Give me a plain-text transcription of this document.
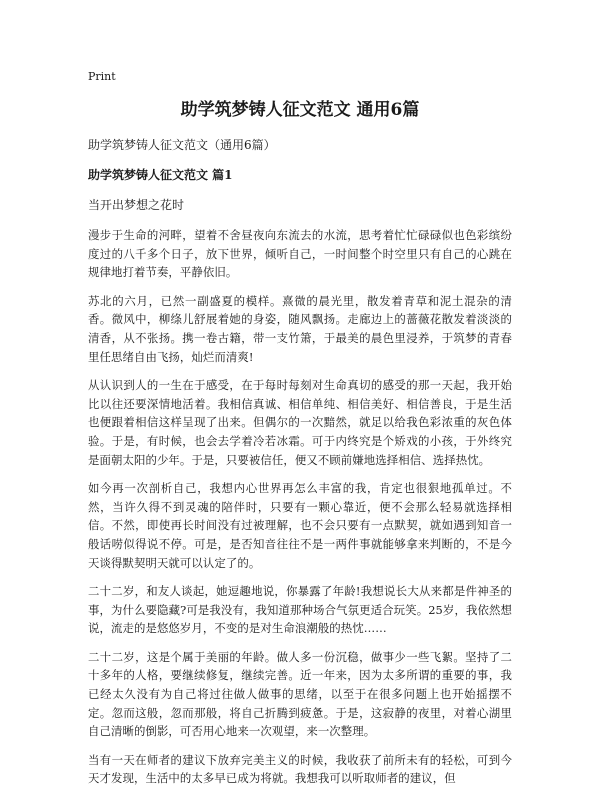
Print
助学筑梦铸人征文范文 通用6篇
助学筑梦铸人征文范文（通用6篇）
助学筑梦铸人征文范文 篇1
当开出梦想之花时

漫步于生命的河畔，望着不舍昼夜向东流去的水流，思考着忙忙碌碌似也色彩缤纷度过的八千多个日子，放下世界，倾听自己，一时间整个时空里只有自己的心跳在规律地打着节奏，平静依旧。

苏北的六月，已然一副盛夏的模样。熹微的晨光里，散发着青草和泥土混杂的清香。微风中，柳绦儿舒展着她的身姿，随风飘扬。走廊边上的蔷薇花散发着淡淡的清香，从不张扬。携一卷古籍，带一支竹箫，于最美的晨色里浸养，于筑梦的青春里任思绪自由飞扬，灿烂而清爽!

从认识到人的一生在于感受，在于每时每刻对生命真切的感受的那一天起，我开始比以往还要深情地活着。我相信真诚、相信单纯、相信美好、相信善良，于是生活也便跟着相信这样呈现了出来。但偶尔的一次黯然，就足以给我色彩浓重的灰色体验。于是，有时候，也会去学着冷若冰霜。可于内终究是个矫戏的小孩，于外终究是面朝太阳的少年。于是，只要被信任，便又不顾前嫌地选择相信、选择热忱。

如今再一次剖析自己，我想内心世界再怎么丰富的我，肯定也很狠地孤单过。不然，当许久得不到灵魂的陪伴时，只要有一颗心靠近，便不会那么轻易就选择相信。不然，即使再长时间没有过被理解，也不会只要有一点默契，就如遇到知音一般话唠似得说不停。可是，是否知音往往不是一两件事就能够拿来判断的，不是今天谈得默契明天就可以认定了的。

二十二岁，和友人谈起，她逗趣地说，你暴露了年龄!我想说长大从来都是件神圣的事，为什么要隐藏?可是我没有，我知道那种场合气氛更适合玩笑。25岁，我依然想说，流走的是悠悠岁月，不变的是对生命浪潮般的热忱……

二十二岁，这是个属于美丽的年龄。做人多一份沉稳，做事少一些飞絮。坚持了二十多年的人格，要继续修复，继续完善。近一年来，因为太多所谓的重要的事，我已经太久没有为自己将过往做人做事的思绪，以至于在很多问题上也开始摇摆不定。忽而这般，忽而那般，将自己折腾到疲惫。于是，这寂静的夜里，对着心湖里自己清晰的倒影，可否用心地来一次观望，来一次整理。

当有一天在师者的建议下放弃完美主义的时候，我收获了前所未有的轻松，可到今天才发现，生活中的太多早已成为将就。我想我可以听取师者的建议，但
